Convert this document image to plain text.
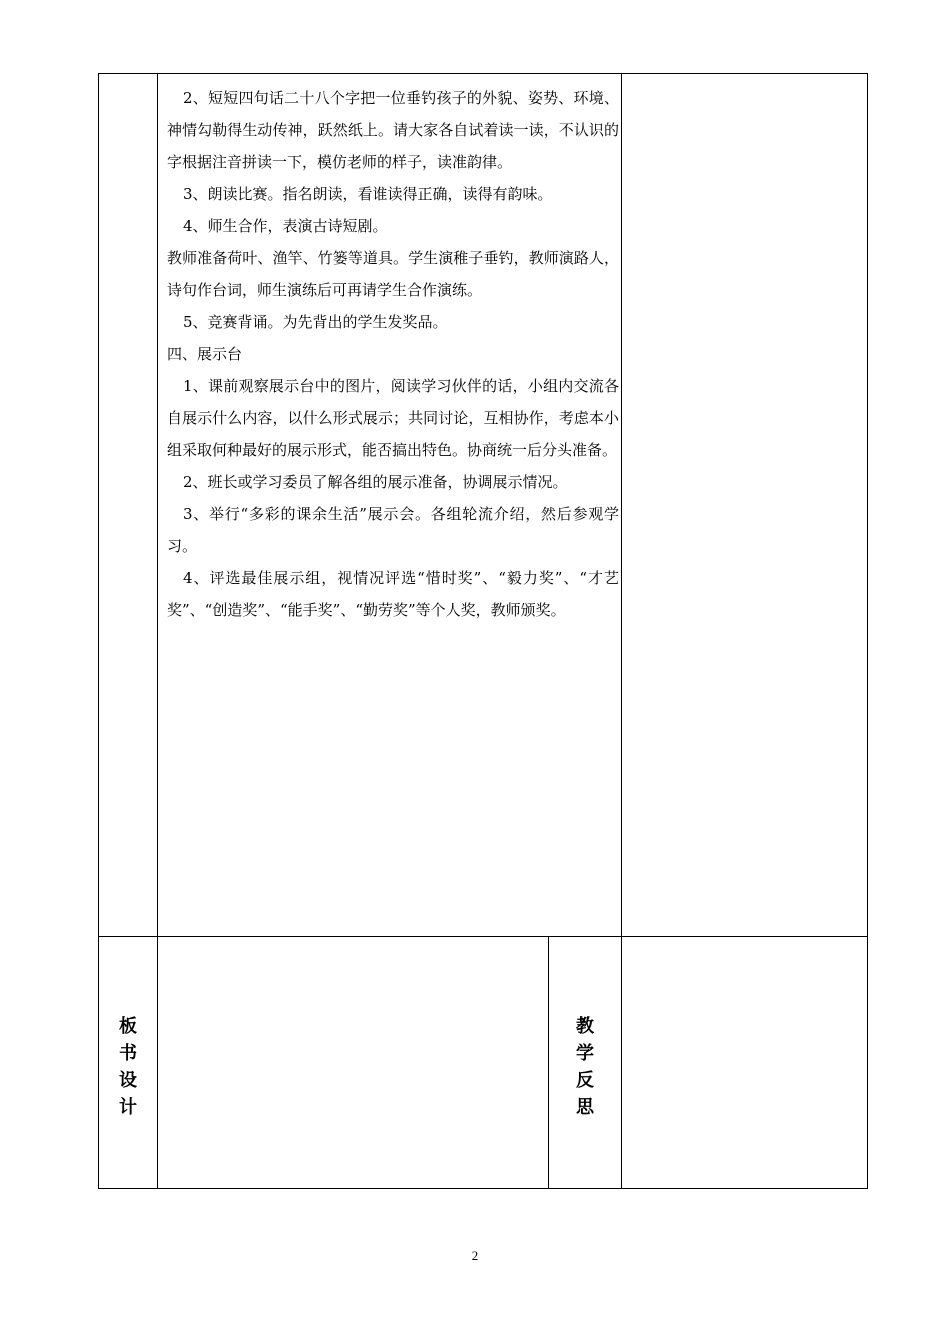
2、短短四句话二十八个字把一位垂钓孩子的外貌、姿势、环境、神情勾勒得生动传神，跃然纸上。请大家各自试着读一读，不认识的字根据注音拼读一下，模仿老师的样子，读准韵律。

3、朗读比赛。指名朗读，看谁读得正确，读得有韵味。

4、师生合作，表演古诗短剧。

教师准备荷叶、渔竿、竹篓等道具。学生演稚子垂钓，教师演路人，诗句作台词，师生演练后可再请学生合作演练。

5、竞赛背诵。为先背出的学生发奖品。

四、展示台

1、课前观察展示台中的图片，阅读学习伙伴的话，小组内交流各自展示什么内容，以什么形式展示；共同讨论，互相协作，考虑本小组采取何种最好的展示形式，能否搞出特色。协商统一后分头准备。

2、班长或学习委员了解各组的展示准备，协调展示情况。

3、举行“多彩的课余生活”展示会。各组轮流介绍，然后参观学习。

4、评选最佳展示组，视情况评选“惜时奖”、“毅力奖”、“才艺奖”、“创造奖”、“能手奖”、“勤劳奖”等个人奖，教师颁奖。

板
书
设
计
教
学
反
思
2
